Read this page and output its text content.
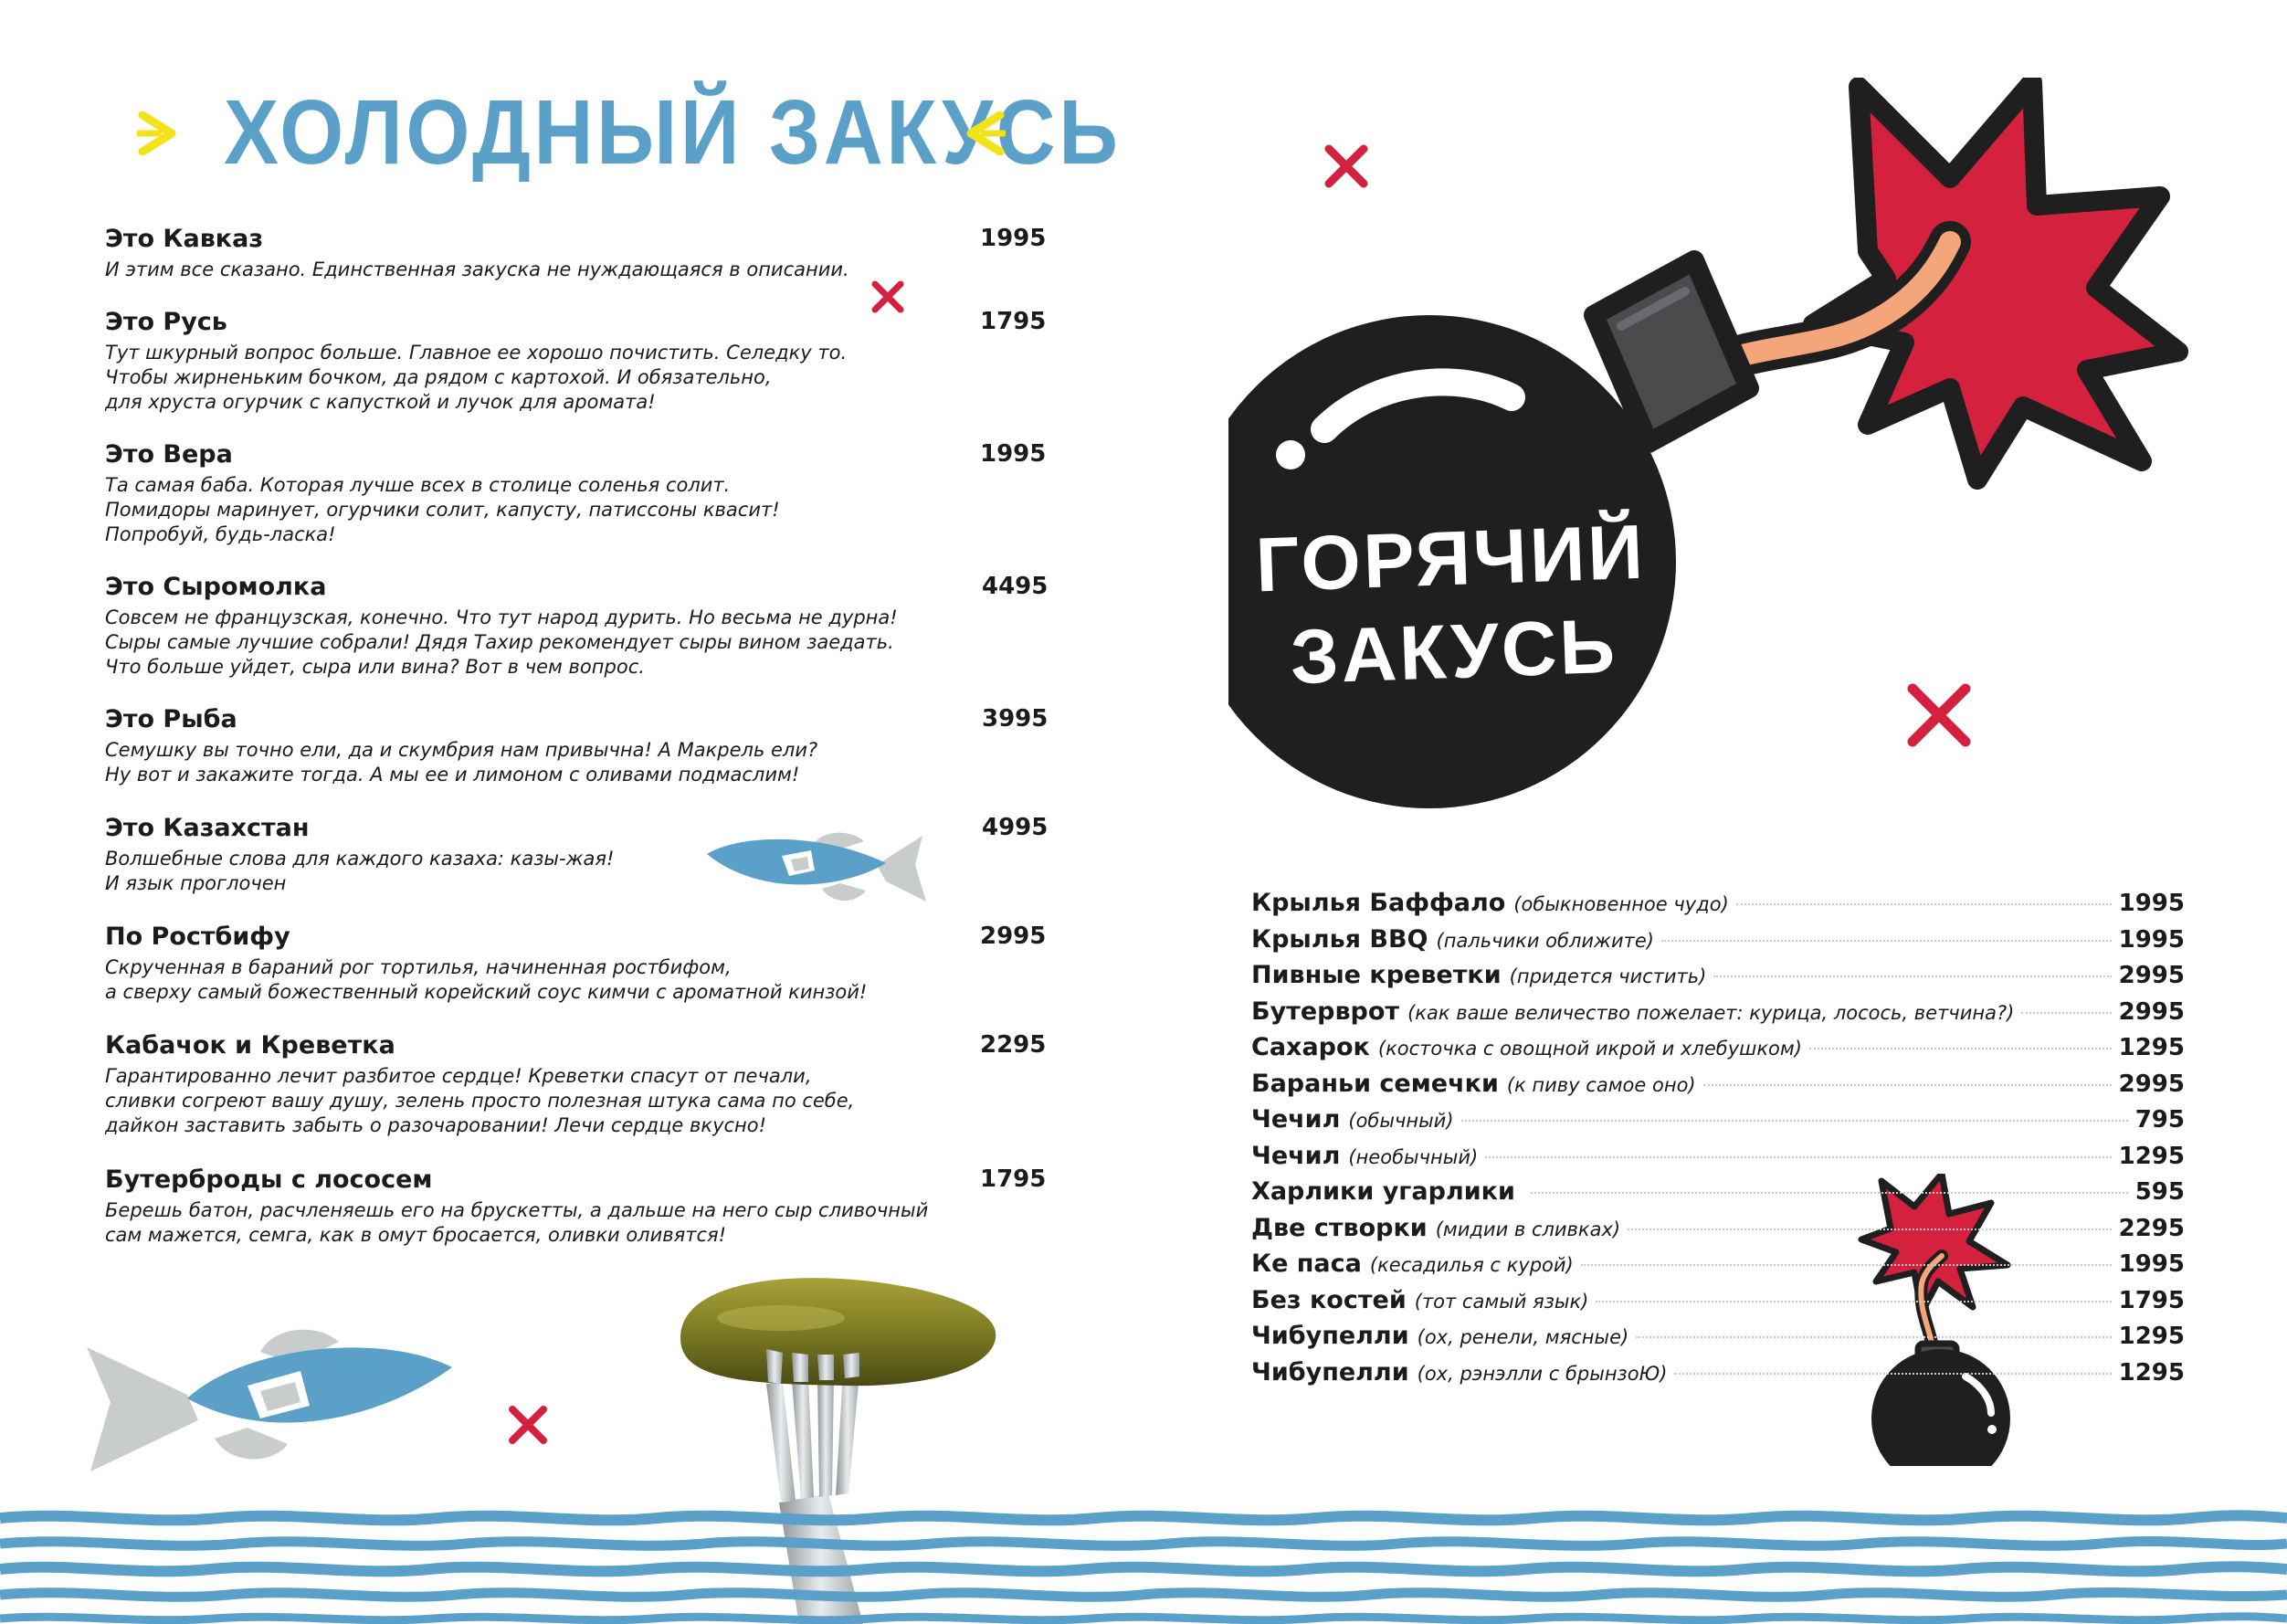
ХОЛОДНЫЙ ЗАКУСЬ
Это Кавказ	1995
И этим все сказано. Единственная закуска не нуждающаяся в описании.
Это Русь	1795
Тут шкурный вопрос больше. Главное ее хорошо почистить. Селедку то.
Чтобы жирненьким бочком, да рядом с картохой. И обязательно,
для хруста огурчик с капусткой и лучок для аромата!
Это Вера	1995
Та самая баба. Которая лучше всех в столице соленья солит.
Помидоры маринует, огурчики солит, капусту, патиссоны квасит!
Попробуй, будь-ласка!
Это Сыромолка	4495
Совсем не французская, конечно. Что тут народ дурить. Но весьма не дурна!
Сыры самые лучшие собрали! Дядя Тахир рекомендует сыры вином заедать.
Что больше уйдет, сыра или вина? Вот в чем вопрос.
Это Рыба	3995
Семушку вы точно ели, да и скумбрия нам привычна! А Макрель ели?
Ну вот и закажите тогда. А мы ее и лимоном с оливами подмаслим!
Это Казахстан	4995
Волшебные слова для каждого казаха: казы-жая!
И язык проглочен
По Ростбифу	2995
Скрученная в бараний рог тортилья, начиненная ростбифом,
а сверху самый божественный корейский соус кимчи с ароматной кинзой!
Кабачок и Креветка	2295
Гарантированно лечит разбитое сердце! Креветки спасут от печали,
сливки согреют вашу душу, зелень просто полезная штука сама по себе,
дайкон заставить забыть о разочаровании! Лечи сердце вкусно!
Бутерброды с лососем	1795
Берешь батон, расчленяешь его на брускетты, а дальше на него сыр сливочный
сам мажется, семга, как в омут бросается, оливки оливятся!
ГОРЯЧИЙ
ЗАКУСЬ
Крылья Баффало (обыкновенное чудо)	1995
Крылья BBQ (пальчики оближите)	1995
Пивные креветки (придется чистить)	2995
Бутерврот (как ваше величество пожелает: курица, лосось, ветчина?)	2995
Сахарок (косточка с овощной икрой и хлебушком)	1295
Бараньи семечки (к пиву самое оно)	2995
Чечил (обычный)	795
Чечил (необычный)	1295
Харлики угарлики	595
Две створки (мидии в сливках)	2295
Ке паса (кесадилья с курой)	1995
Без костей (тот самый язык)	1795
Чибупелли (ох, ренели, мясные)	1295
Чибупелли (ох, рэнэлли с брынзоЮ)	1295
